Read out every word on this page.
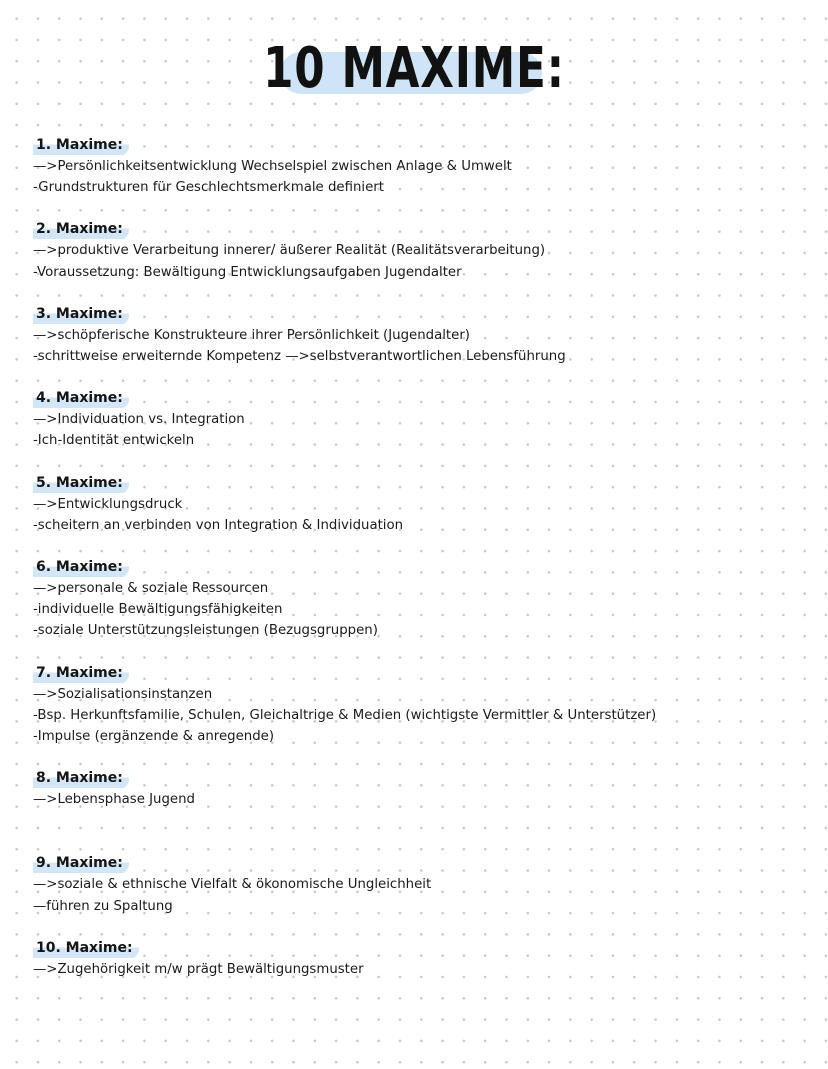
10 MAXIME:
1. Maxime:
—>Persönlichkeitsentwicklung Wechselspiel zwischen Anlage & Umwelt
-Grundstrukturen für Geschlechtsmerkmale definiert
2. Maxime:
—>produktive Verarbeitung innerer/ äußerer Realität (Realitätsverarbeitung)
-Voraussetzung: Bewältigung Entwicklungsaufgaben Jugendalter
3. Maxime:
—>schöpferische Konstrukteure ihrer Persönlichkeit (Jugendalter)
-schrittweise erweiternde Kompetenz —>selbstverantwortlichen Lebensführung
4. Maxime:
—>Individuation vs. Integration
-Ich-Identität entwickeln
5. Maxime:
—>Entwicklungsdruck
-scheitern an verbinden von Integration & Individuation
6. Maxime:
—>personale & soziale Ressourcen
-individuelle Bewältigungsfähigkeiten
-soziale Unterstützungsleistungen (Bezugsgruppen)
7. Maxime:
—>Sozialisationsinstanzen
-Bsp. Herkunftsfamilie, Schulen, Gleichaltrige & Medien (wichtigste Vermittler & Unterstützer)
-Impulse (ergänzende & anregende)
8. Maxime:
—>Lebensphase Jugend
9. Maxime:
—>soziale & ethnische Vielfalt & ökonomische Ungleichheit
—führen zu Spaltung
10. Maxime:
—>Zugehörigkeit m/w prägt Bewältigungsmuster
